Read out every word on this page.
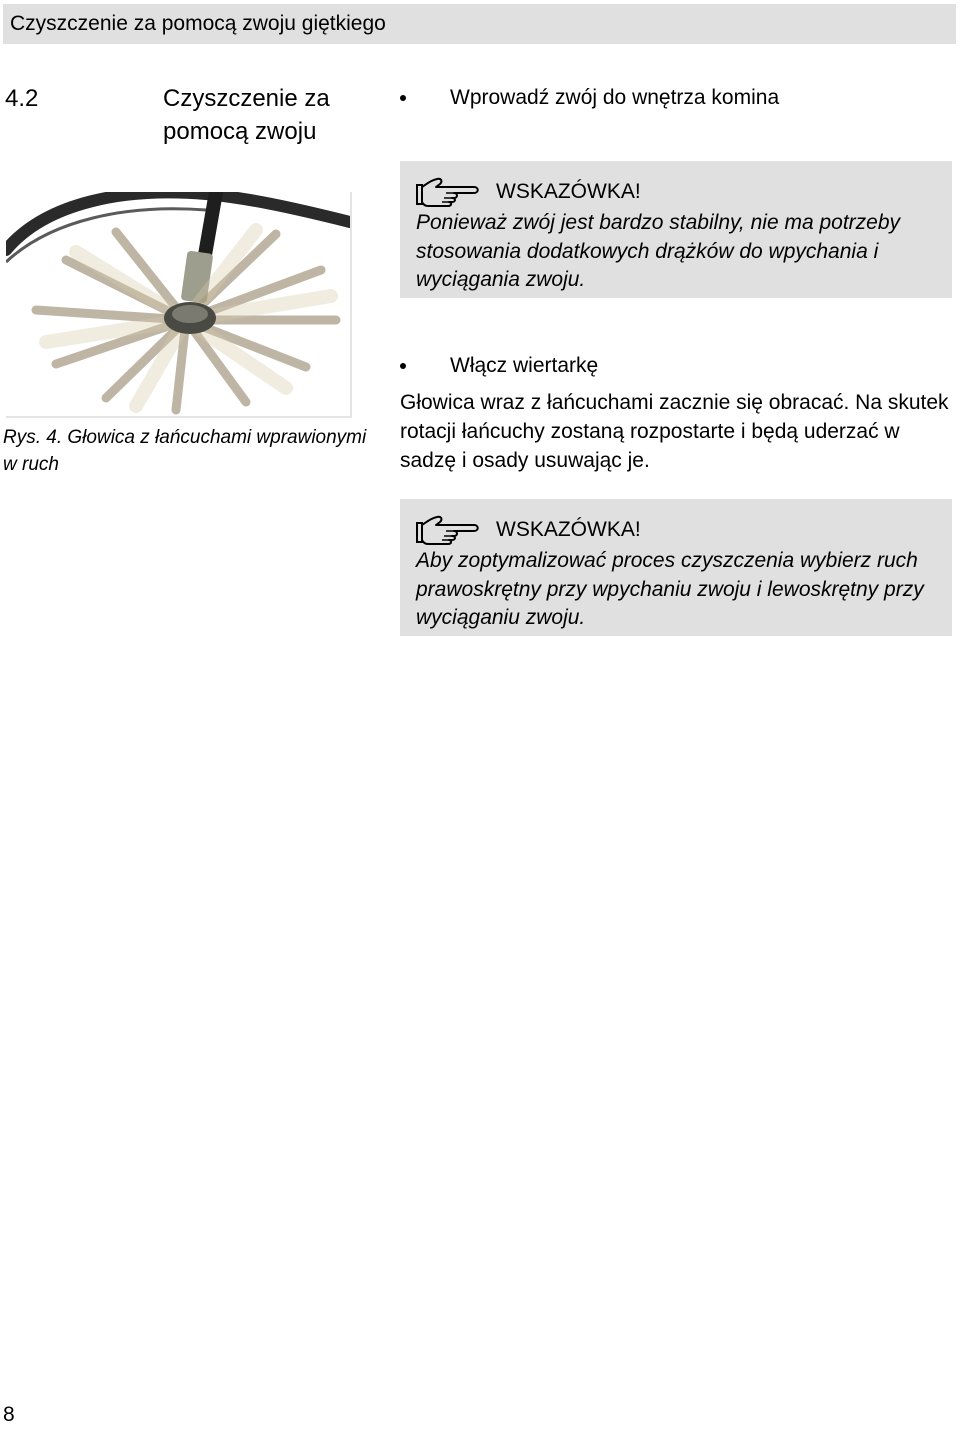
Czyszczenie za pomocą zwoju giętkiego
4.2	Czyszczenie za pomocą zwoju
Wprowadź zwój do wnętrza komina
WSKAZÓWKA!
Ponieważ zwój jest bardzo stabilny, nie ma potrzeby stosowania dodatkowych drążków do wpychania i wyciągania zwoju.
Rys. 4. Głowica z łańcuchami wprawionymi w ruch
Włącz wiertarkę
Głowica wraz z łańcuchami zacznie się obracać. Na skutek rotacji łańcuchy zostaną rozpostarte i będą uderzać w sadzę i osady usuwając je.
WSKAZÓWKA!
Aby zoptymalizować proces czyszczenia wybierz ruch prawoskrętny przy wpychaniu zwoju i lewoskrętny przy wyciąganiu zwoju.
8
